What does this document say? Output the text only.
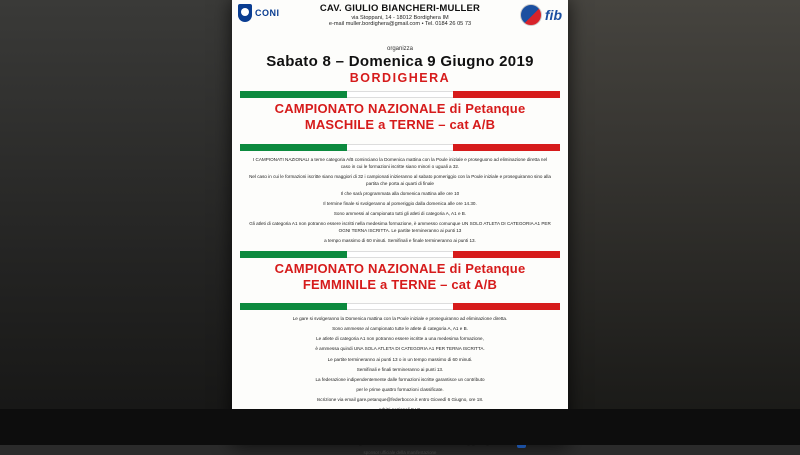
CONI	CAV. GIULIO BIANCHERI-MULLER
via Stoppani, 14 - 18012 Bordighera IM
e-mail muller.bordighera@gmail.com • Tel. 0184 26 05 73
fib
organizza
Sabato 8 – Domenica 9 Giugno 2019
BORDIGHERA
CAMPIONATO NAZIONALE di Petanque
MASCHILE a TERNE – cat A/B

I CAMPIONATI NAZIONALI a terne categoria A/B cominciano la Domenica mattina con la Poule iniziale e proseguono ad eliminazione diretta nel caso in cui le formazioni iscritte siano minori o uguali a 32.

Nel caso in cui le formazioni iscritte siano maggiori di 32 i campionati inizieranno al sabato pomeriggio con la Poule iniziale e proseguiranno sino alla partita che porta ai quarti di finale

Il che sarà programmata alla domenica mattina alle ore 10

Il termine finale si svolgeranno al pomeriggio dalla domenica alle ore 14.30.

Sono ammessi al campionato tutti gli atleti di categoria A, A1 e B.

Gli atleti di categoria A1 non potranno essere iscritti nella medesima formazione, è ammesso comunque UN SOLO ATLETA DI CATEGORIA A1 PER OGNI TERNA ISCRITTA. Le partite termineranno ai punti 13

a tempo massimo di 60 minuti. Semifinali e finale termineranno ai punti 13.

CAMPIONATO NAZIONALE di Petanque
FEMMINILE a TERNE – cat A/B

Le gare si svolgeranno la Domenica mattina con la Poule iniziale e proseguiranno ad eliminazione diretta.

Sono ammesse al campionato tutte le atlete di categoria A, A1 e B.

Le atlete di categoria A1 non potranno essere iscritte a una medesima formazione,

è ammessa quindi UNA SOLA ATLETA DI CATEGORIA A1 PER TERNA ISCRITTA.

Le partite termineranno ai punti 13 o in un tempo massimo di 60 minuti.

Semifinali e finali termineranno ai punti 13.

La federazione indipendentemente dalle formazioni iscritte garantisce un contributo

per le prime quattro formazioni classificate.

Iscrizione via email gare.petanque@federbocce.it entro Giovedì 6 Giugno, ore 18.

sponsor ufficiale della manifestazione
